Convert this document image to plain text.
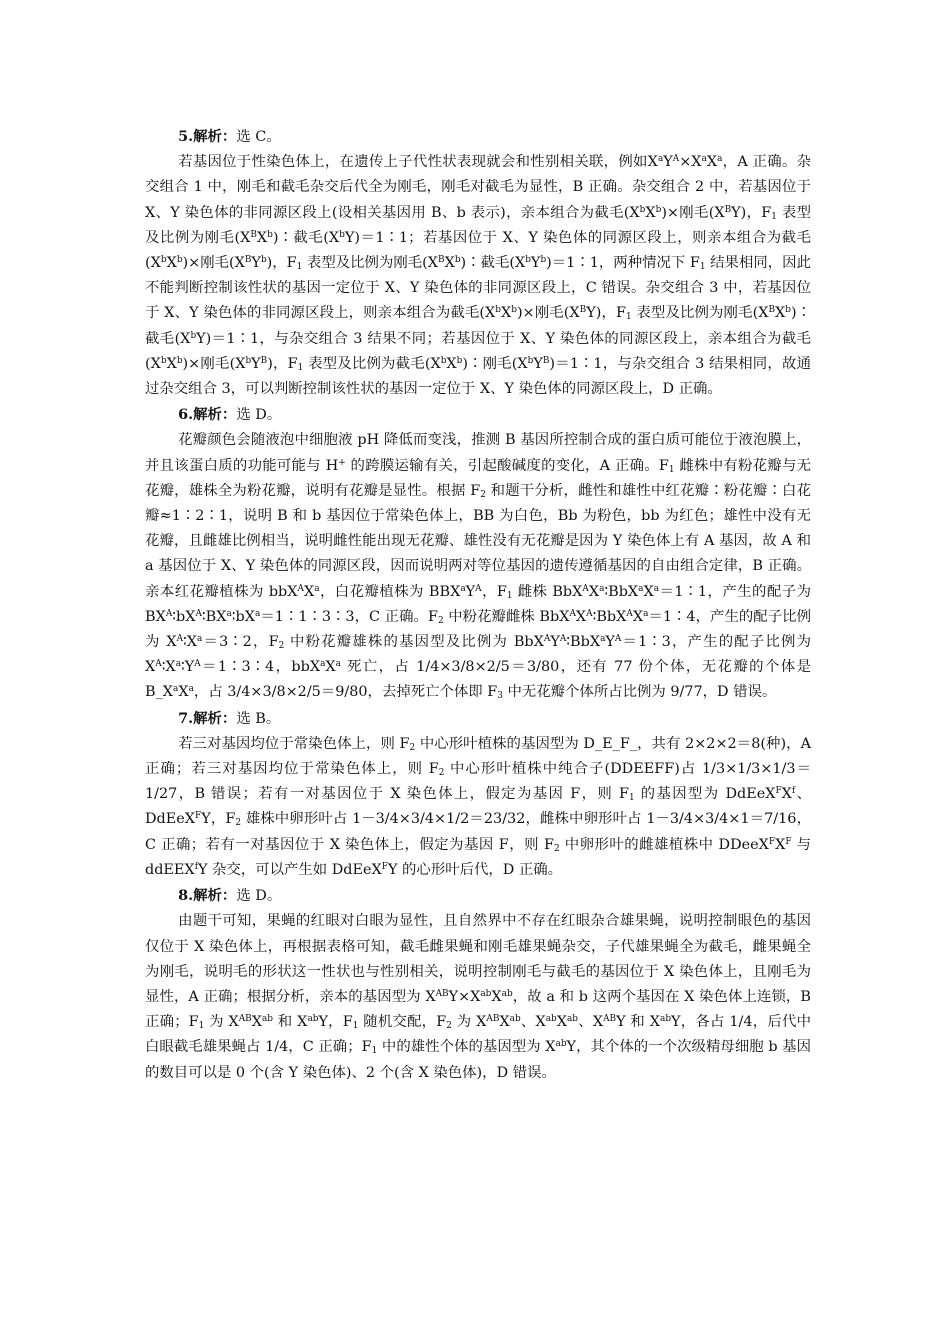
5.解析：选 C。

若基因位于性染色体上，在遗传上子代性状表现就会和性别相关联，例如$X^aY^A\times X^aX^a$，A 正确。杂交组合 1 中，刚毛和截毛杂交后代全为刚毛，刚毛对截毛为显性，B 正确。杂交组合 2 中，若基因位于 X、Y 染色体的非同源区段上(设相关基因用 B、b 表示)，亲本组合为截毛$(X^bX^b)\times$刚毛$(X^BY)$，$F_1$ 表型及比例为刚毛$(X^BX^b)∶$截毛$(X^bY)=1∶1$；若基因位于 X、Y 染色体的同源区段上，则亲本组合为截毛$(X^bX^b)\times$刚毛$(X^BY^b)$，$F_1$ 表型及比例为刚毛$(X^BX^b)∶$截毛$(X^bY^b)=1∶1$，两种情况下 $F_1$ 结果相同，因此不能判断控制该性状的基因一定位于 X、Y 染色体的非同源区段上，C 错误。杂交组合 3 中，若基因位于 X、Y 染色体的非同源区段上，则亲本组合为截毛$(X^bX^b)\times$刚毛$(X^BY)$，$F_1$ 表型及比例为刚毛$(X^BX^b)∶$截毛$(X^bY)=1∶1$，与杂交组合 3 结果不同；若基因位于 X、Y 染色体的同源区段上，亲本组合为截毛$(X^bX^b)\times$刚毛$(X^bY^B)$，$F_1$ 表型及比例为截毛$(X^bX^b)∶$刚毛$(X^bY^B)=1∶1$，与杂交组合 3 结果相同，故通过杂交组合 3，可以判断控制该性状的基因一定位于 X、Y 染色体的同源区段上，D 正确。

6.解析：选 D。

花瓣颜色会随液泡中细胞液 pH 降低而变浅，推测 B 基因所控制合成的蛋白质可能位于液泡膜上，并且该蛋白质的功能可能与 H+ 的跨膜运输有关，引起酸碱度的变化，A 正确。$F_1$ 雌株中有粉花瓣与无花瓣，雄株全为粉花瓣，说明有花瓣是显性。根据 $F_2$ 和题干分析，雌性和雄性中红花瓣∶粉花瓣∶白花瓣≈1∶2∶1，说明 B 和 b 基因位于常染色体上，BB 为白色，Bb 为粉色，bb 为红色；雄性中没有无花瓣，且雌雄比例相当，说明雌性能出现无花瓣、雄性没有无花瓣是因为 Y 染色体上有 A 基因，故 A 和 a 基因位于 X、Y 染色体的同源区段，因而说明两对等位基因的遗传遵循基因的自由组合定律，B 正确。亲本红花瓣植株为 $bbX^AX^a$，白花瓣植株为 $BBX^aY^A$，$F_1$ 雌株 $BbX^AX^a∶BbX^aX^a=1∶1$，产生的配子为 $BX^A∶bX^A∶BX^a∶bX^a=1∶1∶3∶3$，C 正确。$F_2$ 中粉花瓣雌株 $BbX^AX^A∶BbX^AX^a=1∶4$，产生的配子比例为 $X^A∶X^a=3∶2$，$F_2$ 中粉花瓣雄株的基因型及比例为 $BbX^AY^A∶BbX^aY^A=1∶3$，产生的配子比例为 $X^A∶X^a∶Y^A=1∶3∶4$，$bbX^aX^a$ 死亡，占 1/4×3/8×2/5＝3/80，还有 77 份个体，无花瓣的个体是 $B\_X^aX^a$，占 3/4×3/8×2/5＝9/80，去掉死亡个体即 $F_3$ 中无花瓣个体所占比例为 9/77，D 错误。

7.解析：选 B。

若三对基因均位于常染色体上，则 $F_2$ 中心形叶植株的基因型为 D_E_F_，共有 2×2×2＝8(种)，A 正确；若三对基因均位于常染色体上，则 $F_2$ 中心形叶植株中纯合子(DDEEFF)占 1/3×1/3×1/3＝1/27，B 错误；若有一对基因位于 X 染色体上，假定为基因 F，则 $F_1$ 的基因型为 $DdEeX^FX^f$、DdEeX$^F$Y，$F_2$ 雄株中卵形叶占 1－3/4×3/4×1/2＝23/32，雌株中卵形叶占 1－3/4×3/4×1＝7/16，C 正确；若有一对基因位于 X 染色体上，假定为基因 F，则 $F_2$ 中卵形叶的雌雄植株中 $DDeeX^FX^F$ 与 ddEEX$^f$Y 杂交，可以产生如 DdEeX$^F$Y 的心形叶后代，D 正确。

8.解析：选 D。

由题干可知，果蝇的红眼对白眼为显性，且自然界中不存在红眼杂合雄果蝇，说明控制眼色的基因仅位于 X 染色体上，再根据表格可知，截毛雌果蝇和刚毛雄果蝇杂交，子代雄果蝇全为截毛，雌果蝇全为刚毛，说明毛的形状这一性状也与性别相关，说明控制刚毛与截毛的基因位于 X 染色体上，且刚毛为显性，A 正确；根据分析，亲本的基因型为 $X^{AB}Y\times X^{ab}X^{ab}$，故 a 和 b 这两个基因在 X 染色体上连锁，B 正确；$F_1$ 为 $X^{AB}X^{ab}$ 和 $X^{ab}Y$，$F_1$ 随机交配，$F_2$ 为 $X^{AB}X^{ab}$、$X^{ab}X^{ab}$、$X^{AB}Y$ 和 $X^{ab}Y$，各占 1/4，后代中白眼截毛雄果蝇占 1/4，C 正确；$F_1$ 中的雄性个体的基因型为 $X^{ab}Y$，其个体的一个次级精母细胞 b 基因的数目可以是 0 个(含 Y 染色体)、2 个(含 X 染色体)，D 错误。
